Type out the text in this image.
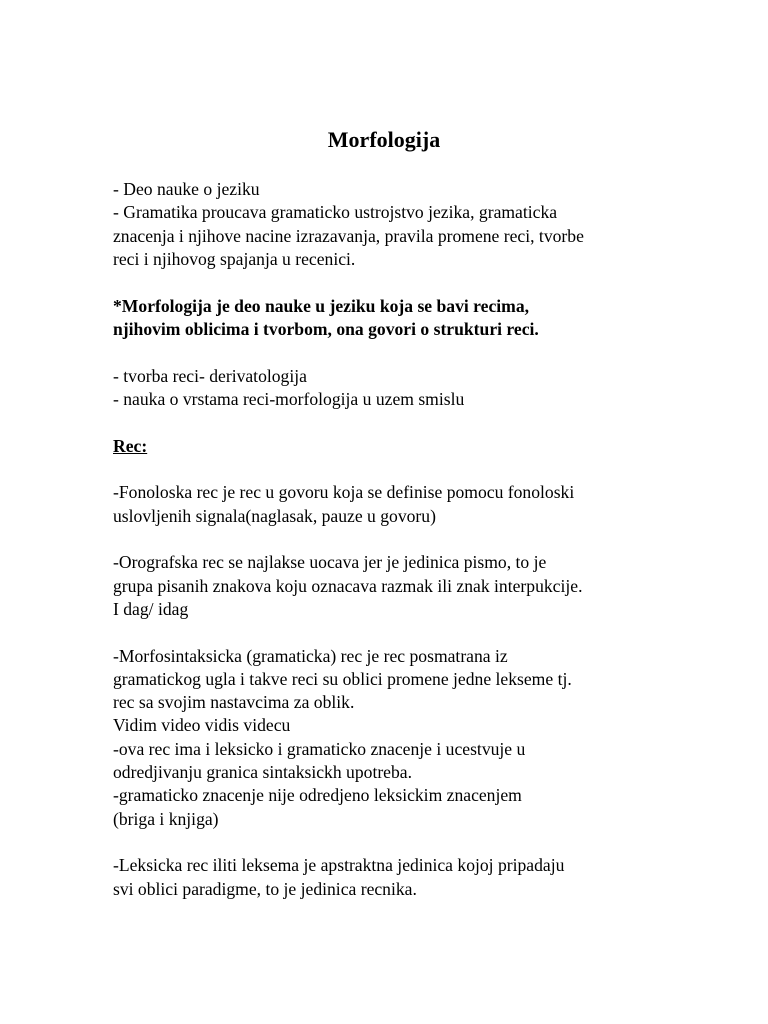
Morfologija

- Deo nauke o jeziku

- Gramatika proucava gramaticko ustrojstvo jezika, gramaticka

znacenja i njihove nacine izrazavanja, pravila promene reci, tvorbe

reci i njihovog spajanja u recenici.

*Morfologija je deo nauke u jeziku koja se bavi recima,

njihovim oblicima i tvorbom, ona govori o strukturi reci.

- tvorba reci- derivatologija

- nauka o vrstama reci-morfologija u uzem smislu

Rec:

-Fonoloska rec je rec u govoru koja se definise pomocu fonoloski

uslovljenih signala(naglasak, pauze u govoru)

-Orografska rec se najlakse uocava jer je jedinica pismo, to je

grupa pisanih znakova koju oznacava razmak ili znak interpukcije.

I dag/ idag

-Morfosintaksicka (gramaticka) rec je rec posmatrana iz

gramatickog ugla i takve reci su oblici promene jedne lekseme tj.

rec sa svojim nastavcima za oblik.

Vidim video vidis videcu

-ova rec ima i leksicko i gramaticko znacenje i ucestvuje u

odredjivanju granica sintaksickh upotreba.

-gramaticko znacenje nije odredjeno leksickim znacenjem

(briga i knjiga)

-Leksicka rec iliti leksema je apstraktna jedinica kojoj pripadaju

svi oblici paradigme, to je jedinica recnika.
